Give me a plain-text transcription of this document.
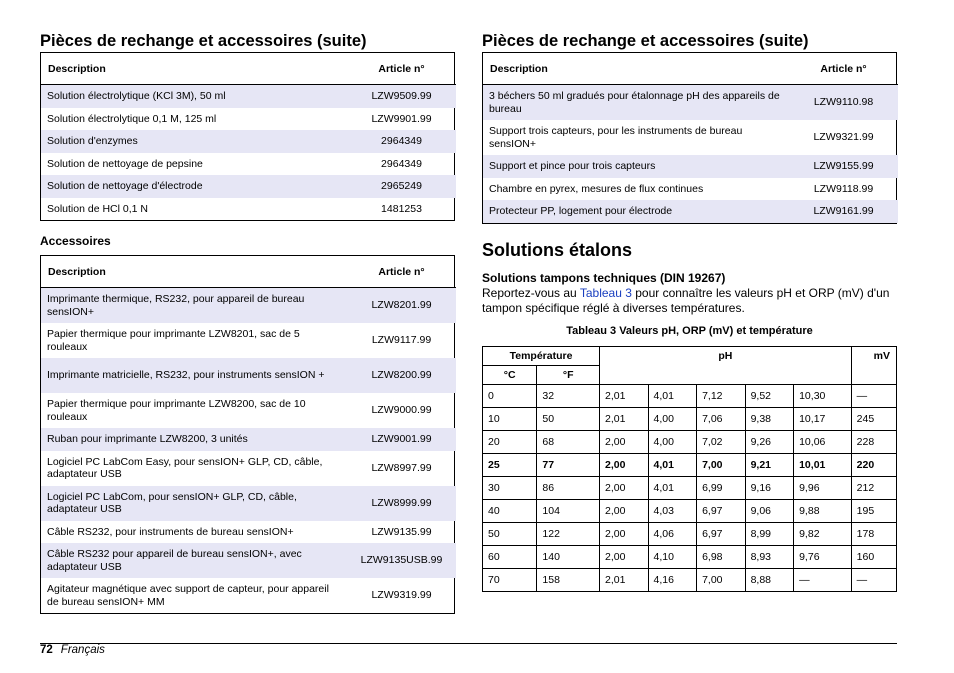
Pièces de rechange et accessoires (suite)
Description	Article n°
Solution électrolytique (KCl 3M), 50 ml	LZW9509.99
Solution électrolytique 0,1 M, 125 ml	LZW9901.99
Solution d'enzymes	2964349
Solution de nettoyage de pepsine	2964349
Solution de nettoyage d'électrode	2965249
Solution de HCl 0,1 N	1481253
Accessoires
Description	Article n°
Imprimante thermique, RS232, pour appareil de bureau sensION+	LZW8201.99
Papier thermique pour imprimante LZW8201, sac de 5 rouleaux	LZW9117.99
Imprimante matricielle, RS232, pour instruments sensION +	LZW8200.99
Papier thermique pour imprimante LZW8200, sac de 10 rouleaux	LZW9000.99
Ruban pour imprimante LZW8200, 3 unités	LZW9001.99
Logiciel PC LabCom Easy, pour sensION+ GLP, CD, câble, adaptateur USB	LZW8997.99
Logiciel PC LabCom, pour sensION+ GLP, CD, câble, adaptateur USB	LZW8999.99
Câble RS232, pour instruments de bureau sensION+	LZW9135.99
Câble RS232 pour appareil de bureau sensION+, avec adaptateur USB	LZW9135USB.99
Agitateur magnétique avec support de capteur, pour appareil de bureau sensION+ MM	LZW9319.99
Pièces de rechange et accessoires (suite)
Description	Article n°
3 béchers 50 ml gradués pour étalonnage pH des appareils de bureau	LZW9110.98
Support trois capteurs, pour les instruments de bureau sensION+	LZW9321.99
Support et pince pour trois capteurs	LZW9155.99
Chambre en pyrex, mesures de flux continues	LZW9118.99
Protecteur PP, logement pour électrode	LZW9161.99
Solutions étalons
Solutions tampons techniques (DIN 19267)

Reportez-vous au Tableau 3 pour connaître les valeurs pH et ORP (mV) d'un tampon spécifique réglé à diverses températures.

Tableau 3 Valeurs pH, ORP (mV) et température
Température		pH					mV
°C	°F						
0	32	2,01	4,01	7,12	9,52	10,30	—
10	50	2,01	4,00	7,06	9,38	10,17	245
20	68	2,00	4,00	7,02	9,26	10,06	228
25	77	2,00	4,01	7,00	9,21	10,01	220
30	86	2,00	4,01	6,99	9,16	9,96	212
40	104	2,00	4,03	6,97	9,06	9,88	195
50	122	2,00	4,06	6,97	8,99	9,82	178
60	140	2,00	4,10	6,98	8,93	9,76	160
70	158	2,01	4,16	7,00	8,88	—	—
72 Français
